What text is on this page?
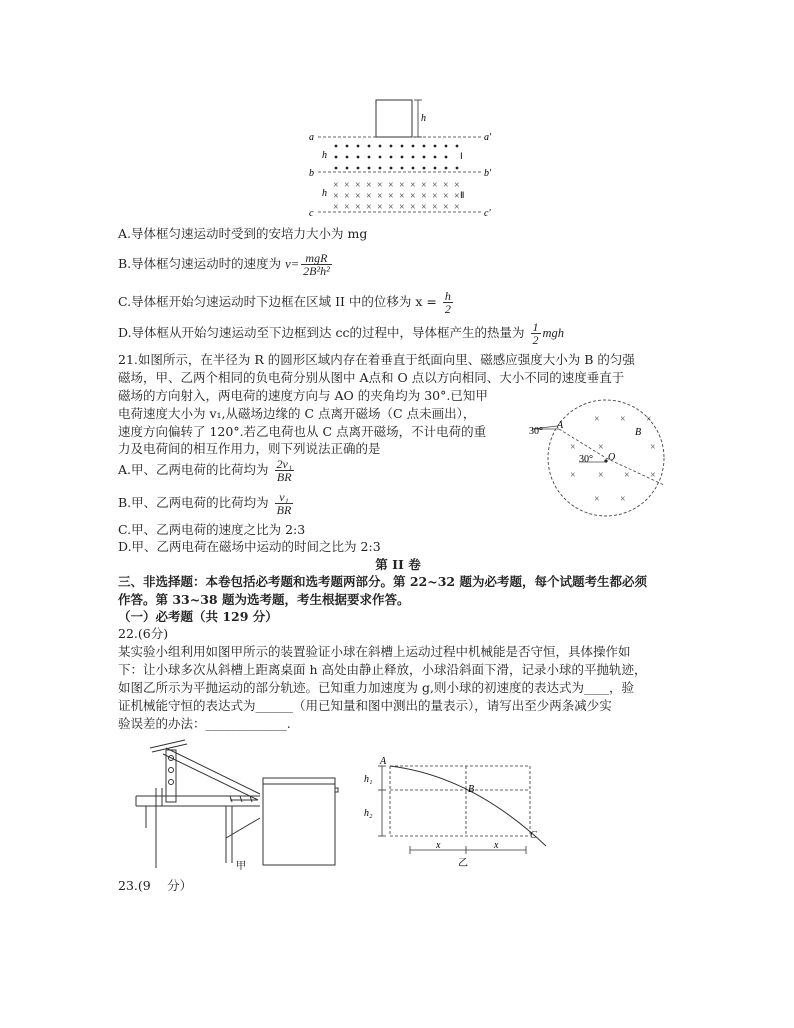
h
a	a'
b	b'
c	c'
h
h
× × × × × × × × × × × ×
× × × × × × × × × × × ×
× × × × × × × × × × × ×
Ⅰ
Ⅱ
A.导体框匀速运动时受到的安培力大小为 mg
B.导体框匀速运动时的速度为 $v= \frac{\text{mgR}}{\text{2B²h²}}$
C.导体框开始匀速运动时下边框在区域 II 中的位移为 $x = \frac{h}{2}$
D.导体框从开始匀速运动至下边框到达 cc的过程中，导体框产生的热量为 $\frac{1}{2}$ mgh
21.如图所示，在半径为 R 的圆形区域内存在着垂直于纸面向里、磁感应强度大小为 B 的匀强
磁场，甲、乙两个相同的负电荷分别从图中 A点和 O 点以方向相同、大小不同的速度垂直于
磁场的方向射入，两电荷的速度方向与 AO 的夹角均为 30°.已知甲
电荷速度大小为 v₁,从磁场边缘的 C 点离开磁场（C 点未画出），
速度方向偏转了 120°.若乙电荷也从 C 点离开磁场，不计电荷的重
力及电荷间的相互作用力，则下列说法正确的是
A.甲、乙两电荷的比荷均为 $\frac{\text{2v₁}}{BR}$
B.甲、乙两电荷的比荷均为 $\frac{\text{v₁}}{BR}$
C.甲、乙两电荷的速度之比为 2:3
D.甲、乙两电荷在磁场中运动的时间之比为 2:3
× × ×
× ×	×
× × × ×
× ×
30°
A
B
O
30°
第 II 卷
三、非选择题：本卷包括必考题和选考题两部分。第 22~32 题为必考题，每个试题考生都必须
作答。第 33~38 题为选考题，考生根据要求作答。
（一）必考题（共 129 分）
22.(6分)
某实验小组利用如图甲所示的装置验证小球在斜槽上运动过程中机械能是否守恒，具体操作如
下：让小球多次从斜槽上距离桌面 h 高处由静止释放，小球沿斜面下滑，记录小球的平抛轨迹，
如图乙所示为平抛运动的部分轨迹。已知重力加速度为 g,则小球的初速度的表达式为____，验
证机械能守恒的表达式为______（用已知量和图中测出的量表示），请写出至少两条减少实
验误差的办法：_____________.
甲
A
B
C
h₁
h₂
x	x
乙
23.(9　 分）
